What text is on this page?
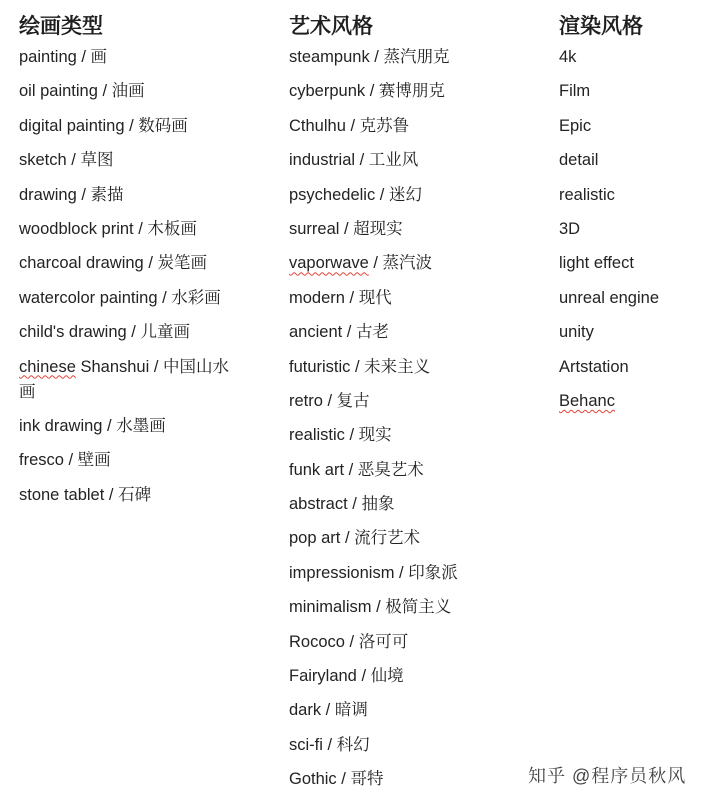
绘画类型
painting / 画
oil painting / 油画
digital painting / 数码画
sketch / 草图
drawing / 素描
woodblock print / 木板画
charcoal drawing / 炭笔画
watercolor painting / 水彩画
child's drawing / 儿童画
chinese Shanshui / 中国山水画
ink drawing / 水墨画
fresco / 壁画
stone tablet / 石碑
艺术风格
steampunk / 蒸汽朋克
cyberpunk / 赛博朋克
Cthulhu / 克苏鲁
industrial / 工业风
psychedelic / 迷幻
surreal / 超现实
vaporwave / 蒸汽波
modern / 现代
ancient / 古老
futuristic / 未来主义
retro / 复古
realistic / 现实
funk art / 恶臭艺术
abstract / 抽象
pop art / 流行艺术
impressionism / 印象派
minimalism / 极简主义
Rococo / 洛可可
Fairyland / 仙境
dark / 暗调
sci-fi / 科幻
Gothic / 哥特
渲染风格
4k
Film
Epic
detail
realistic
3D
light effect
unreal engine
unity
Artstation
Behanc
知乎 @程序员秋风
